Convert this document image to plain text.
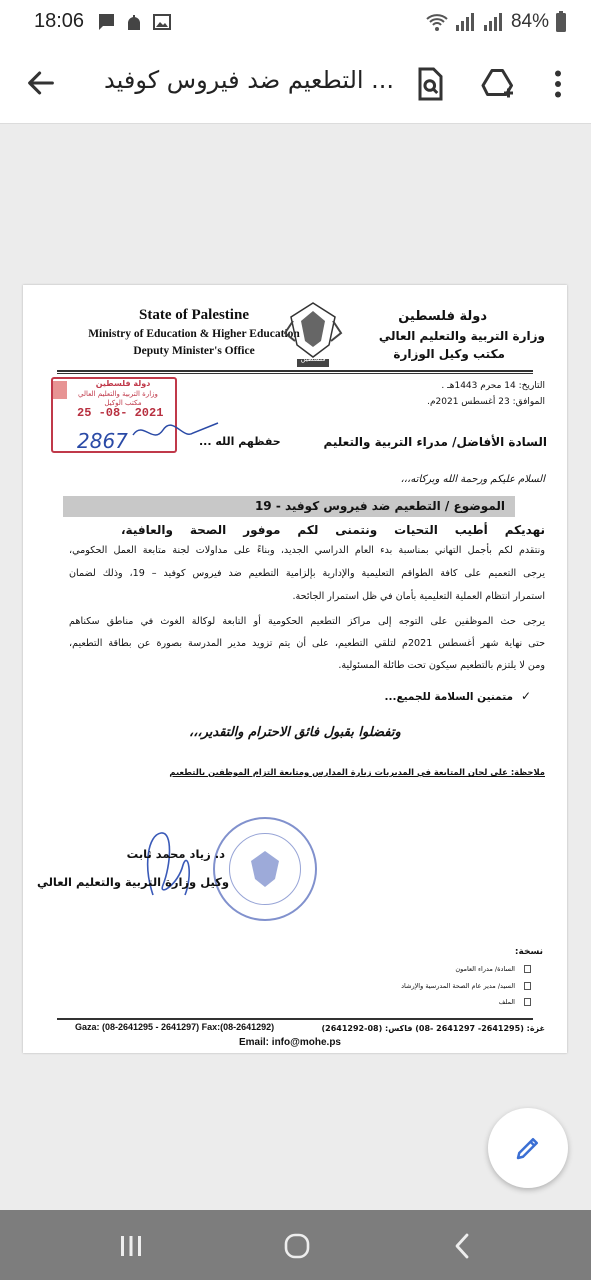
18:06	84%
التطعيم ضد فيروس كوفيد ...
State of Palestine
Ministry of Education & Higher Education
Deputy Minister's Office
فلسطين
دولة فلسطين
وزارة التربية والتعليم العالي
مكتب وكيل الوزارة
دولة فلسطين
وزارة التربية والتعليم العالي
مكتب الوكيل
25 -08- 2021
2867
التاريخ: 14 محرم 1443هـ .
الموافق: 23 أغسطس 2021م.
السادة الأفاضل/ مدراء التربية والتعليم
حفظهم الله ...
السلام عليكم ورحمة الله وبركاته،،،
الموضوع / التطعيم ضد فيروس كوفيد - 19
نهديكم أطيب التحيات ونتمنى لكم موفور الصحة والعافية،
ونتقدم لكم بأجمل التهاني بمناسبة بدء العام الدراسي الجديد، وبناءً على مداولات لجنة متابعة العمل الحكومي،
يرجى التعميم على كافة الطواقم التعليمية والإدارية بإلزامية التطعيم ضد فيروس كوفيد – 19، وذلك لضمان
استمرار انتظام العملية التعليمية بأمان في ظل استمرار الجائحة.
يرجى حث الموظفين على التوجه إلى مراكز التطعيم الحكومية أو التابعة لوكالة الغوث في مناطق سكناهم
حتى نهاية شهر أغسطس 2021م لتلقي التطعيم، على أن يتم تزويد مدير المدرسة بصورة عن بطاقة التطعيم،
ومن لا يلتزم بالتطعيم سيكون تحت طائلة المسئولية.
متمنين السلامة للجميع... ✓
وتفضلوا بقبول فائق الاحترام والتقدير،،،
ملاحظة: على لجان المتابعة في المديريات زيارة المدارس ومتابعة التزام الموظفين بالتطعيم
د. زياد محمد ثابت
وكيل وزارة التربية والتعليم العالي
نسخة:
السادة/ مدراء العامون
السيد/ مدير عام الصحة المدرسية والإرشاد
الملف
Gaza: (08-2641295 - 2641297) Fax:(08-2641292)	غزة: (2641295- 2641297 -08) فاكس: (08-2641292)
Email: info@mohe.ps
